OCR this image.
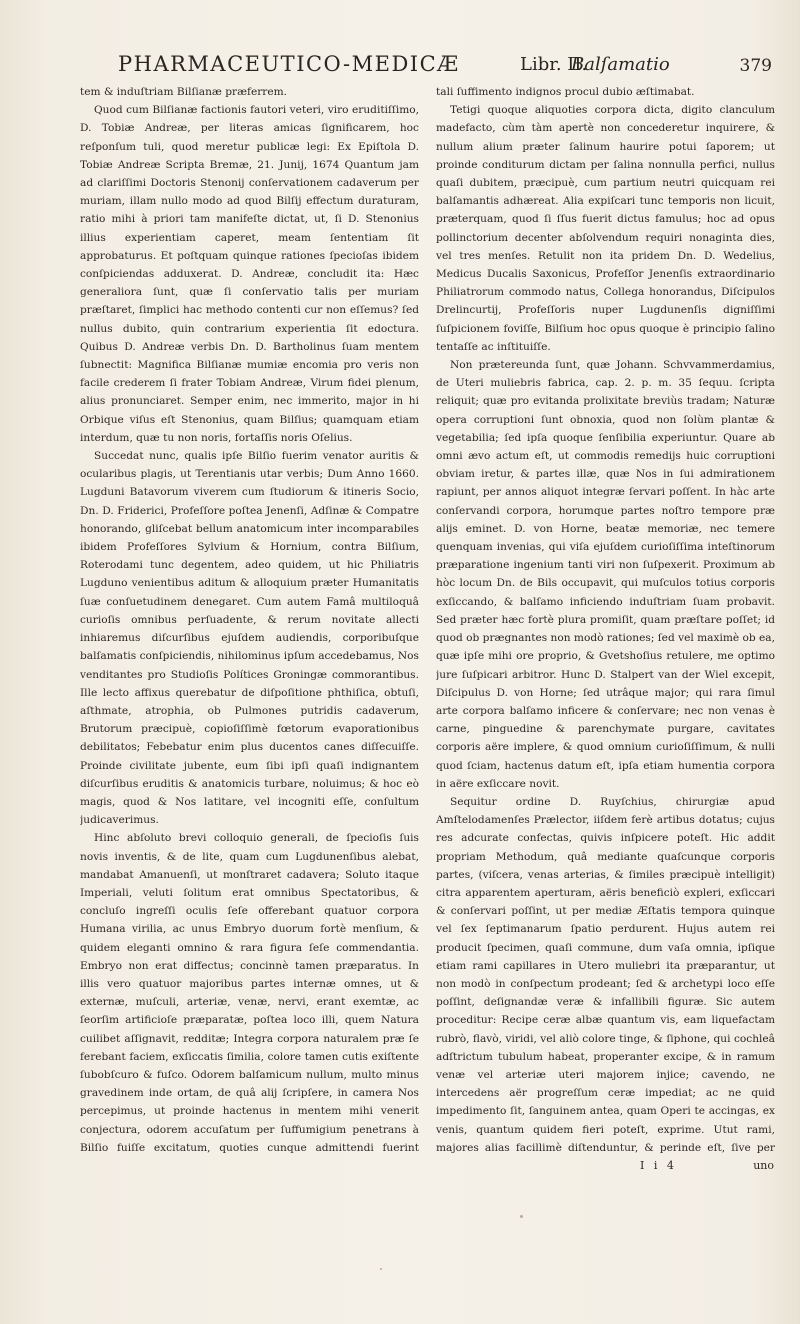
PHARMACEUTICO-MEDICÆ	Libr. II.
Balſamatio	379

tem & induſtriam Bilſianæ præferrem.

Quod cum Bilſianæ factionis fautori veteri, viro eruditiſſimo, D. Tobiæ Andreæ, per literas amicas ſignificarem, hoc reſponſum tuli, quod meretur publicæ legi: Ex Epiſtola D. Tobiæ Andreæ Scripta Bremæ, 21. Junij, 1674 Quantum jam ad clariſſimi Doctoris Stenonij conſervationem cadaverum per muriam, illam nullo modo ad quod Bilſij effectum duraturam, ratio mihi à priori tam manifeſte dictat, ut, ſi D. Stenonius illius experientiam caperet, meam ſententiam ſit approbaturus. Et poſtquam quinque rationes ſpecioſas ibidem conſpiciendas adduxerat. D. Andreæ, concludit ita: Hæc generaliora ſunt, quæ ſi conſervatio talis per muriam præſtaret, ſimplici hac methodo contenti cur non eſſemus? ſed nullus dubito, quin contrarium experientia ſit edoctura. Quibus D. Andreæ verbis Dn. D. Bartholinus ſuam mentem ſubnectit: Magnifica Bilſianæ mumiæ encomia pro veris non facile crederem ſi frater Tobiam Andreæ, Virum fidei plenum, alius pronunciaret. Semper enim, nec immerito, major in hi Orbique viſus eſt Stenonius, quam Bilſius; quamquam etiam interdum, quæ tu non noris, fortaſſis noris Oſelius.

Succedat nunc, qualis ipſe Bilſio fuerim venator auritis & ocularibus plagis, ut Terentianis utar verbis; Dum Anno 1660. Lugduni Batavorum viverem cum ſtudiorum & itineris Socio, Dn. D. Friderici, Profeſſore poſtea Jenenſi, Adſinæ & Compatre honorando, gliſcebat bellum anatomicum inter incomparabiles ibidem Profeſſores Sylvium & Hornium, contra Bilſium, Roterodami tunc degentem, adeo quidem, ut hic Philiatris Lugduno venientibus aditum & alloquium præter Humanitatis ſuæ conſuetudinem denegaret. Cum autem Famâ multiloquâ curioſis omnibus perſuadente, & rerum novitate allecti inhiaremus diſcurſibus ejuſdem audiendis, corporibuſque balſamatis conſpiciendis, nihilominus ipſum accedebamus, Nos venditantes pro Studioſis Polítices Groningæ commorantibus. Ille lecto affixus querebatur de diſpoſitione phthiſica, obtuſi, aſthmate, atrophia, ob Pulmones putridis cadaverum, Brutorum præcipuè, copioſiſſimè fœtorum evaporationibus debilitatos; Febebatur enim plus ducentos canes diſſecuiſſe. Proinde civilitate jubente, eum ſibi ipſi quaſi indignantem diſcurſibus eruditis & anatomicis turbare, noluimus; & hoc eò magis, quod & Nos latitare, vel incogniti eſſe, conſultum judicaverimus.

Hinc abſoluto brevi colloquio generali, de ſpecioſis ſuis novis inventis, & de lite, quam cum Lugdunenſibus alebat, mandabat Amanuenſi, ut monſtraret cadavera; Soluto itaque Imperiali, veluti ſolitum erat omnibus Spectatoribus, & concluſo ingreſſi oculis ſeſe offerebant quatuor corpora Humana virilia, ac unus Embryo duorum fortè menſium, & quidem eleganti omnino & rara figura ſeſe commendantia. Embryo non erat diffectus; concinnè tamen præparatus. In illis vero quatuor majoribus partes internæ omnes, ut & externæ, muſculi, arteriæ, venæ, nervi, erant exemtæ, ac ſeorſim artificioſe præparatæ, poſtea loco illi, quem Natura cuilibet aſſignavit, redditæ; Integra corpora naturalem præ ſe ferebant faciem, exſiccatis ſimilia, colore tamen cutis exiſtente ſubobſcuro & fuſco. Odorem balſamicum nullum, multo minus gravedinem inde ortam, de quâ alij ſcripſere, in camera Nos percepimus, ut proinde hactenus in mentem mihi venerit conjectura, odorem accuſatum per ſuffumigium penetrans à Bilſio fuiſſe excitatum, quoties cunque admittendi fuerint

tali ſuffimento indignos procul dubio æſtimabat.

Tetigi quoque aliquoties corpora dicta, digito clanculum madefacto, cùm tàm apertè non concederetur inquirere, & nullum alium præter ſalinum haurire potui ſaporem; ut proinde conditurum dictam per ſalina nonnulla perfici, nullus quaſi dubitem, præcipuè, cum partium neutri quicquam rei balſamantis adhæreat. Alia expiſcari tunc temporis non licuit, præterquam, quod ſi ſſus fuerit dictus famulus; hoc ad opus pollinctorium decenter abſolvendum requiri nonaginta dies, vel tres menſes. Retulit non ita pridem Dn. D. Wedelius, Medicus Ducalis Saxonicus, Profeſſor Jenenſis extraordinario Philiatrorum commodo natus, Collega honorandus, Diſcipulos Drelincurtij, Profeſſoris nuper Lugdunenſis digniſſimi ſuſpicionem foviſſe, Bilſium hoc opus quoque è principio ſalino tentaſſe ac inſtituiſſe.

Non prætereunda ſunt, quæ Johann. Schvvammerdamius, de Uteri muliebris fabrica, cap. 2. p. m. 35 ſequu. ſcripta reliquit; quæ pro evitanda prolixitate breviùs tradam; Naturæ opera corruptioni ſunt obnoxia, quod non ſolùm plantæ & vegetabilia; ſed ipſa quoque ſenſibilia experiuntur. Quare ab omni ævo actum eſt, ut commodis remedijs huic corruptioni obviam iretur, & partes illæ, quæ Nos in ſui admirationem rapiunt, per annos aliquot integræ ſervari poſſent. In hàc arte conſervandi corpora, horumque partes noſtro tempore præ alijs eminet. D. von Horne, beatæ memoriæ, nec temere quenquam invenias, qui viſa ejuſdem curioſiſſima inteſtinorum præparatione ingenium tanti viri non ſuſpexerit. Proximum ab hòc locum Dn. de Bils occupavit, qui muſculos totius corporis exſiccando, & balſamo inficiendo induſtriam ſuam probavit. Sed præter hæc fortè plura promiſit, quam præſtare poſſet; id quod ob prægnantes non modò rationes; ſed vel maximè ob ea, quæ ipſe mihi ore proprio, & Gvetshoſius retulere, me optimo jure ſuſpicari arbitror. Hunc D. Stalpert van der Wiel excepit, Diſcipulus D. von Horne; ſed utrâque major; qui rara ſimul arte corpora balſamo inficere & conſervare; nec non venas è carne, pinguedine & parenchymate purgare, cavitates corporis aëre implere, & quod omnium curioſiſſimum, & nulli quod ſciam, hactenus datum eſt, ipſa etiam humentia corpora in aëre exſiccare novit.

Sequitur ordine D. Ruyſchius, chirurgiæ apud Amſtelodamenſes Prælector, iiſdem ferè artibus dotatus; cujus res adcurate confectas, quivis inſpicere poteſt. Hic addit propriam Methodum, quâ mediante quaſcunque corporis partes, (viſcera, venas arterias, & ſimiles præcipuè intelligit) citra apparentem aperturam, aëris beneficiò expleri, exſiccari & conſervari poſſint, ut per mediæ Æſtatis tempora quinque vel ſex ſeptimanarum ſpatio perdurent. Hujus autem rei producit ſpecimen, quaſi commune, dum vaſa omnia, ipſique etiam rami capillares in Utero muliebri ita præparantur, ut non modò in conſpectum prodeant; ſed & archetypi loco eſſe poſſint, deſignandæ veræ & infallibili figuræ. Sic autem proceditur: Recipe ceræ albæ quantum vis, eam liquefactam rubrò, flavò, viridi, vel aliò colore tinge, & ſiphone, qui cochleâ adſtrictum tubulum habeat, properanter excipe, & in ramum venæ vel arteriæ uteri majorem injice; cavendo, ne intercedens aër progreſſum ceræ impediat; ac ne quid impedimento ſit, ſanguinem antea, quam Operi te accingas, ex venis, quantum quidem fieri poteſt, exprime. Utut rami, majores alias facillimè diſtenduntur, & perinde eſt, ſive per

I i 4	uno
